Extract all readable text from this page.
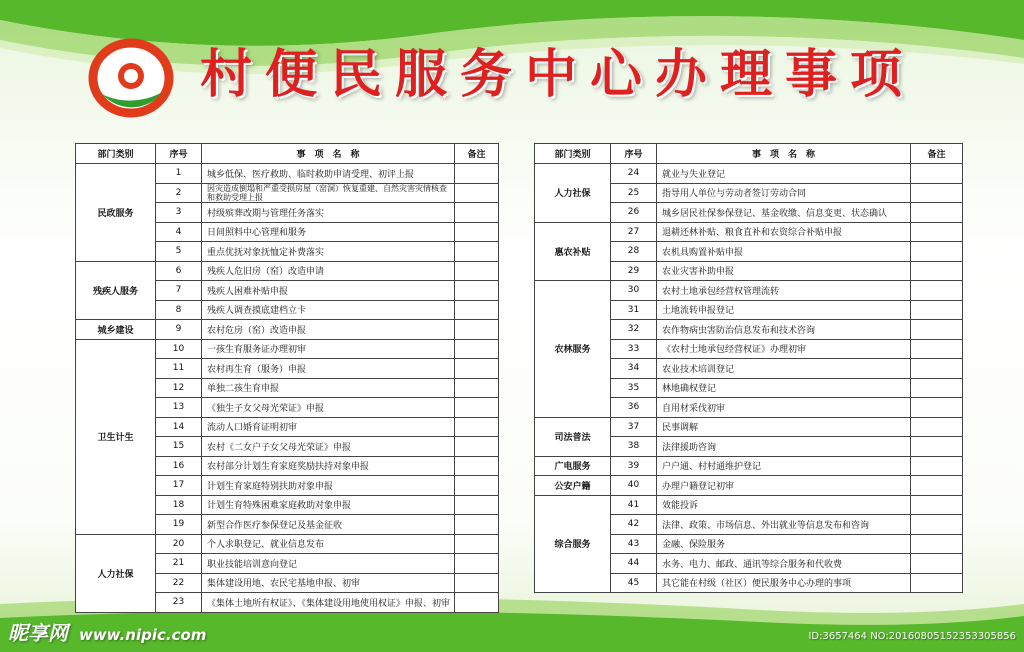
村便民服务中心办理事项
部门类别	序号	事　项　名　称	备注
民政服务	1	城乡低保、医疗救助、临时救助申请受理、初评上报	
	2	因灾造成倒塌和严重受损房屋（窑洞）恢复重建、自然灾害灾情核查和救助受理上报	
	3	村级殡葬改期与管理任务落实	
	4	日间照料中心管理和服务	
	5	重点优抚对象抚恤定补费落实	
残疾人服务	6	残疾人危旧房（窑）改造申请	
	7	残疾人困难补贴申报	
	8	残疾人调查摸底建档立卡	
城乡建设	9	农村危房（窑）改造申报	
卫生计生	10	一孩生育服务证办理初审	
	11	农村再生育（服务）申报	
	12	单独二孩生育申报	
	13	《独生子女父母光荣证》申报	
	14	流动人口婚育证明初审	
	15	农村《二女户子女父母光荣证》申报	
	16	农村部分计划生育家庭奖励扶持对象申报	
	17	计划生育家庭特别扶助对象申报	
	18	计划生育特殊困难家庭救助对象申报	
	19	新型合作医疗参保登记及基金征收	
人力社保	20	个人求职登记、就业信息发布	
	21	职业技能培训意向登记	
	22	集体建设用地、农民宅基地申报、初审	
	23	《集体土地所有权证》、《集体建设用地使用权证》申报、初审	
部门类别	序号	事　项　名　称	备注
人力社保	24	就业与失业登记	
	25	指导用人单位与劳动者签订劳动合同	
	26	城乡居民社保参保登记、基金收缴、信息变更、状态确认	
惠农补贴	27	退耕还林补贴、粮食直补和农资综合补贴申报	
	28	农机具购置补贴申报	
	29	农业灾害补助申报	
农林服务	30	农村土地承包经营权管理流转	
	31	土地流转申报登记	
	32	农作物病虫害防治信息发布和技术咨询	
	33	《农村土地承包经营权证》办理初审	
	34	农业技术培训登记	
	35	林地确权登记	
	36	自用材采伐初审	
司法普法	37	民事调解	
	38	法律援助咨询	
广电服务	39	户户通、村村通维护登记	
公安户籍	40	办理户籍登记初审	
综合服务	41	效能投诉	
	42	法律、政策、市场信息、外出就业等信息发布和咨询	
	43	金融、保险服务	
	44	水务、电力、邮政、通讯等综合服务和代收费	
	45	其它能在村级（社区）便民服务中心办理的事项	
昵享网 www.nipic.com	ID:3657464 NO:20160805152353305856
